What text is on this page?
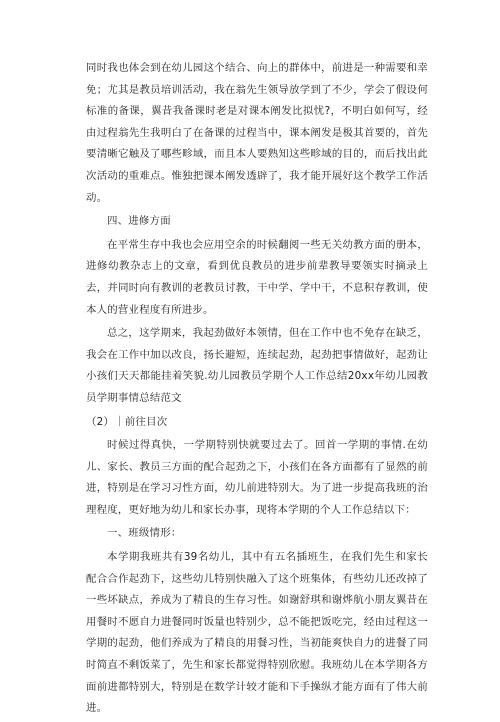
同时我也体会到在幼儿园这个结合、向上的群体中，前进是一种需要和幸免；尤其是教员培训活动，我在翁先生领导放学到了不少，学会了假设何标准的备课，翼昔我备课时老是对课本阐发比拟忧?，不明白如何写，经由过程翁先生我明白了在备课的过程当中，课本阐发是极其首要的，首先要清晰它触及了哪些畛域，而且本人要熟知这些畛域的目的，而后找出此次活动的重难点。惟独把课本阐发透辟了，我才能开展好这个教学工作活动。

四、进修方面

在平常生存中我也会应用空余的时候翻阅一些无关幼教方面的册本，进修幼教杂志上的文章，看到优良教员的进步前辈教导要领实时摘录上去，并同时向有教训的老教员讨教，干中学、学中干，不息积存教训，使本人的营业程度有所进步。

总之，这学期来，我起劲做好本领情，但在工作中也不免存在缺乏，我会在工作中加以改良，扬长避短，连续起劲，起劲把事情做好，起劲让小孩们天天都能挂着笑貌.幼儿园教员学期个人工作总结20xx年幼儿园教员学期事情总结范文

（2）｜前往目次

时候过得真快，一学期特别快就要过去了。回首一学期的事情.在幼儿、家长、教员三方面的配合起劲之下，小孩们在各方面都有了显然的前进，特别是在学习习性方面，幼儿前进特别大。为了进一步提高我班的治理程度，更好地为幼儿和家长办事，现将本学期的个人工作总结以下：

一、班级情形：

本学期我班共有39名幼儿，其中有五名插班生，在我们先生和家长配合合作起劲下，这些幼儿特别快融入了这个班集体，有些幼儿还改掉了一些坏缺点，养成为了精良的生存习性。如谢舒琪和谢烨航小朋友翼昔在用餐时不愿自力进餐同时饭量也特别少，总不能把饭吃完，经由过程这一学期的起劲，他们养成为了精良的用餐习性，当初能爽快自力的进餐了同时简直不剩饭菜了，先生和家长都觉得特别欣慰。我班幼儿在本学期各方面前进都特别大，特别是在数学计较才能和下手操纵才能方面有了伟大前进。
